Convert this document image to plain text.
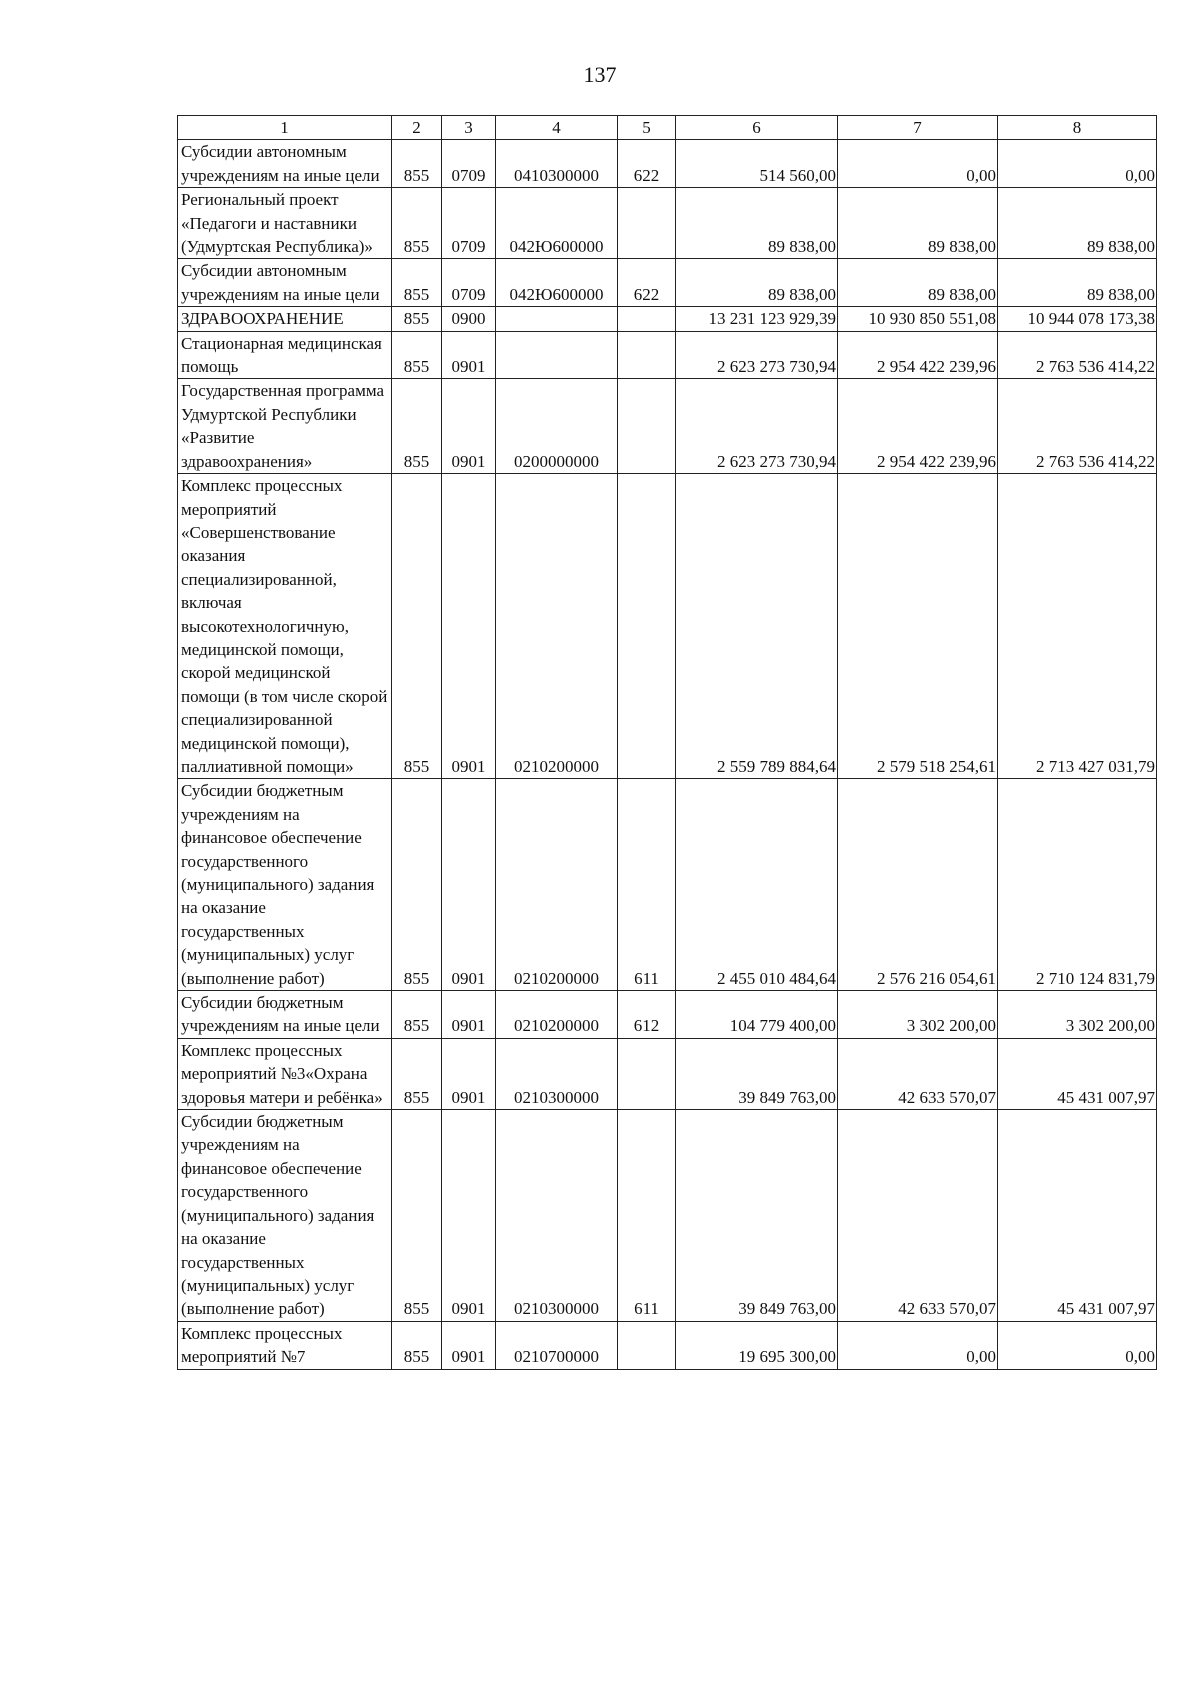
137
1	2	3	4	5	6	7	8
Субсидии автономным учреждениям на иные цели	855	0709	0410300000	622	514 560,00	0,00	0,00
Региональный проект «Педагоги и наставники (Удмуртская Республика)»	855	0709	042Ю600000		89 838,00	89 838,00	89 838,00
Субсидии автономным учреждениям на иные цели	855	0709	042Ю600000	622	89 838,00	89 838,00	89 838,00
ЗДРАВООХРАНЕНИЕ	855	0900			13 231 123 929,39	10 930 850 551,08	10 944 078 173,38
Стационарная медицинская помощь	855	0901			2 623 273 730,94	2 954 422 239,96	2 763 536 414,22
Государственная программа Удмуртской Республики «Развитие здравоохранения»	855	0901	0200000000		2 623 273 730,94	2 954 422 239,96	2 763 536 414,22
Комплекс процессных мероприятий «Совершенствование оказания специализированной, включая высокотехнологичную, медицинской помощи, скорой медицинской помощи (в том числе скорой специализированной медицинской помощи), паллиативной помощи»	855	0901	0210200000		2 559 789 884,64	2 579 518 254,61	2 713 427 031,79
Субсидии бюджетным учреждениям на финансовое обеспечение государственного (муниципального) задания на оказание государственных (муниципальных) услуг (выполнение работ)	855	0901	0210200000	611	2 455 010 484,64	2 576 216 054,61	2 710 124 831,79
Субсидии бюджетным учреждениям на иные цели	855	0901	0210200000	612	104 779 400,00	3 302 200,00	3 302 200,00
Комплекс процессных мероприятий №3«Охрана здоровья матери и ребёнка»	855	0901	0210300000		39 849 763,00	42 633 570,07	45 431 007,97
Субсидии бюджетным учреждениям на финансовое обеспечение государственного (муниципального) задания на оказание государственных (муниципальных) услуг (выполнение работ)	855	0901	0210300000	611	39 849 763,00	42 633 570,07	45 431 007,97
Комплекс процессных мероприятий №7	855	0901	0210700000		19 695 300,00	0,00	0,00
